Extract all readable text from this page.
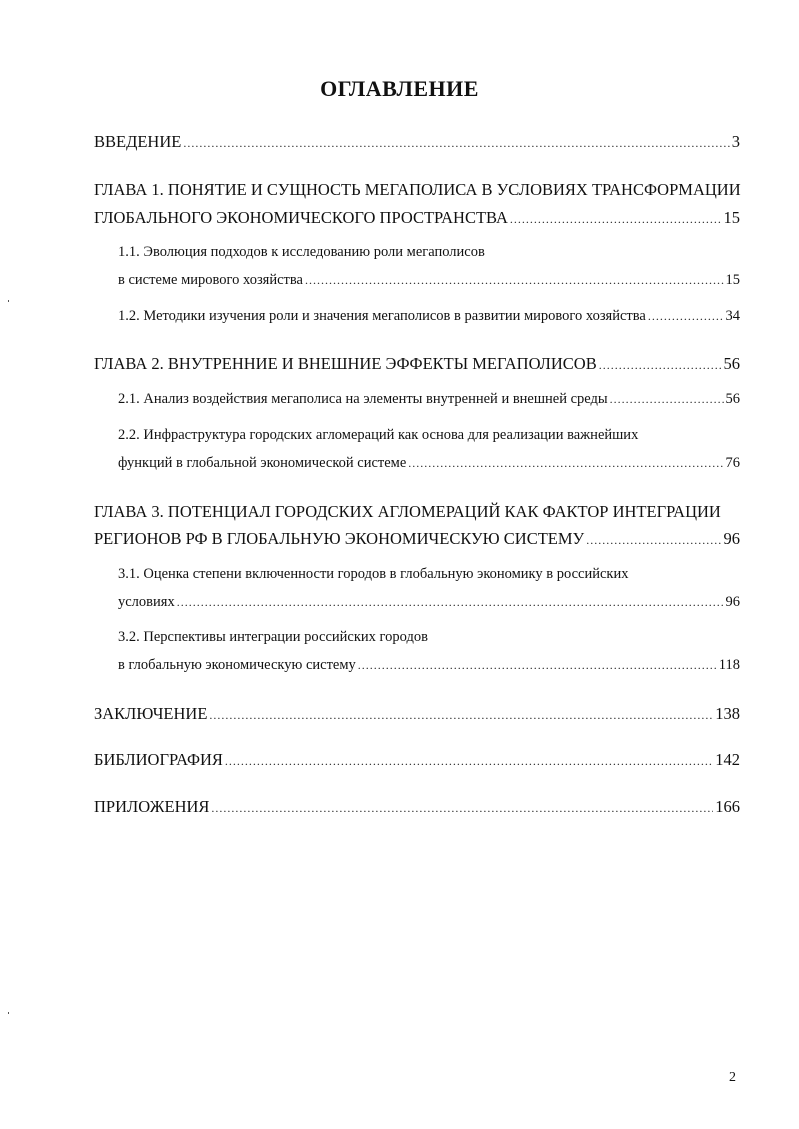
ОГЛАВЛЕНИЕ
ВВЕДЕНИЕ .....	3
ГЛАВА 1. ПОНЯТИЕ И СУЩНОСТЬ МЕГАПОЛИСА В УСЛОВИЯХ ТРАНСФОРМАЦИИ
ГЛОБАЛЬНОГО ЭКОНОМИЧЕСКОГО ПРОСТРАНСТВА .....	15
1.1. Эволюция подходов к исследованию роли мегаполисов
в системе мирового хозяйства .....	15
1.2. Методики изучения роли и значения мегаполисов в развитии мирового хозяйства .....	34
ГЛАВА 2. ВНУТРЕННИЕ И ВНЕШНИЕ ЭФФЕКТЫ МЕГАПОЛИСОВ .....	56
2.1. Анализ воздействия мегаполиса на элементы внутренней и внешней среды .....	56
2.2. Инфраструктура городских агломераций как основа для реализации важнейших
функций в глобальной экономической системе .....	76
ГЛАВА 3. ПОТЕНЦИАЛ ГОРОДСКИХ АГЛОМЕРАЦИЙ КАК ФАКТОР ИНТЕГРАЦИИ
РЕГИОНОВ РФ В ГЛОБАЛЬНУЮ ЭКОНОМИЧЕСКУЮ СИСТЕМУ .....	96
3.1. Оценка степени включенности городов в глобальную экономику в российских
условиях .....	96
3.2. Перспективы интеграции российских городов
в глобальную экономическую систему .....	118
ЗАКЛЮЧЕНИЕ .....	138
БИБЛИОГРАФИЯ .....	142
ПРИЛОЖЕНИЯ .....	166
2
